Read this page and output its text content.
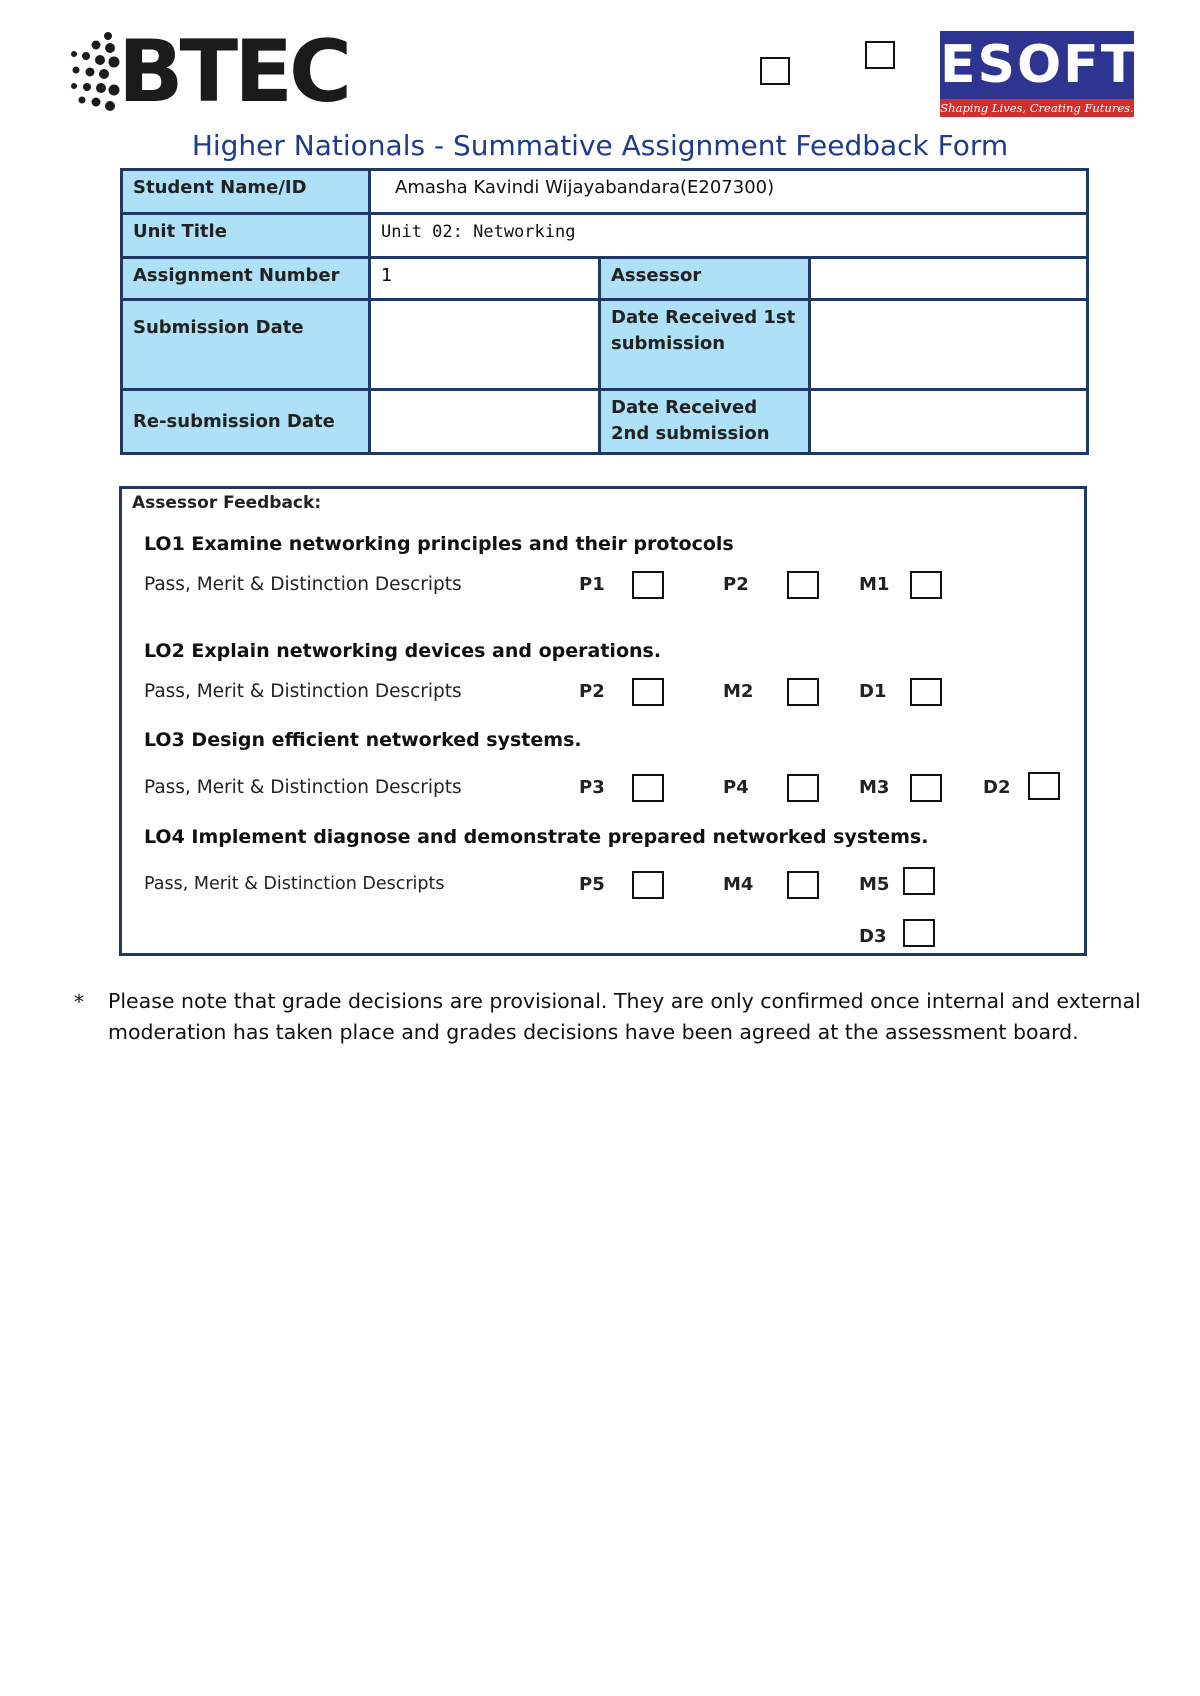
BTEC	ESOFT
Shaping Lives, Creating Futures.
Higher Nationals - Summative Assignment Feedback Form
Student Name/ID	Amasha Kavindi Wijayabandara(E207300)		
Unit Title	Unit 02: Networking		
Assignment Number	1	Assessor	
Submission Date		Date Received 1st submission	
Re-submission Date		Date Received 2nd submission	
Assessor Feedback:
LO1 Examine networking principles and their protocols
Pass, Merit & Distinction Descripts	P1	P2	M1
LO2 Explain networking devices and operations.
Pass, Merit & Distinction Descripts	P2	M2	D1
LO3 Design efficient networked systems.
Pass, Merit & Distinction Descripts	P3	P4	M3	D2
LO4 Implement diagnose and demonstrate prepared networked systems.
Pass, Merit & Distinction Descripts	P5	M4	M5
D3
* Please note that grade decisions are provisional. They are only confirmed once internal and external moderation has taken place and grades decisions have been agreed at the assessment board.
